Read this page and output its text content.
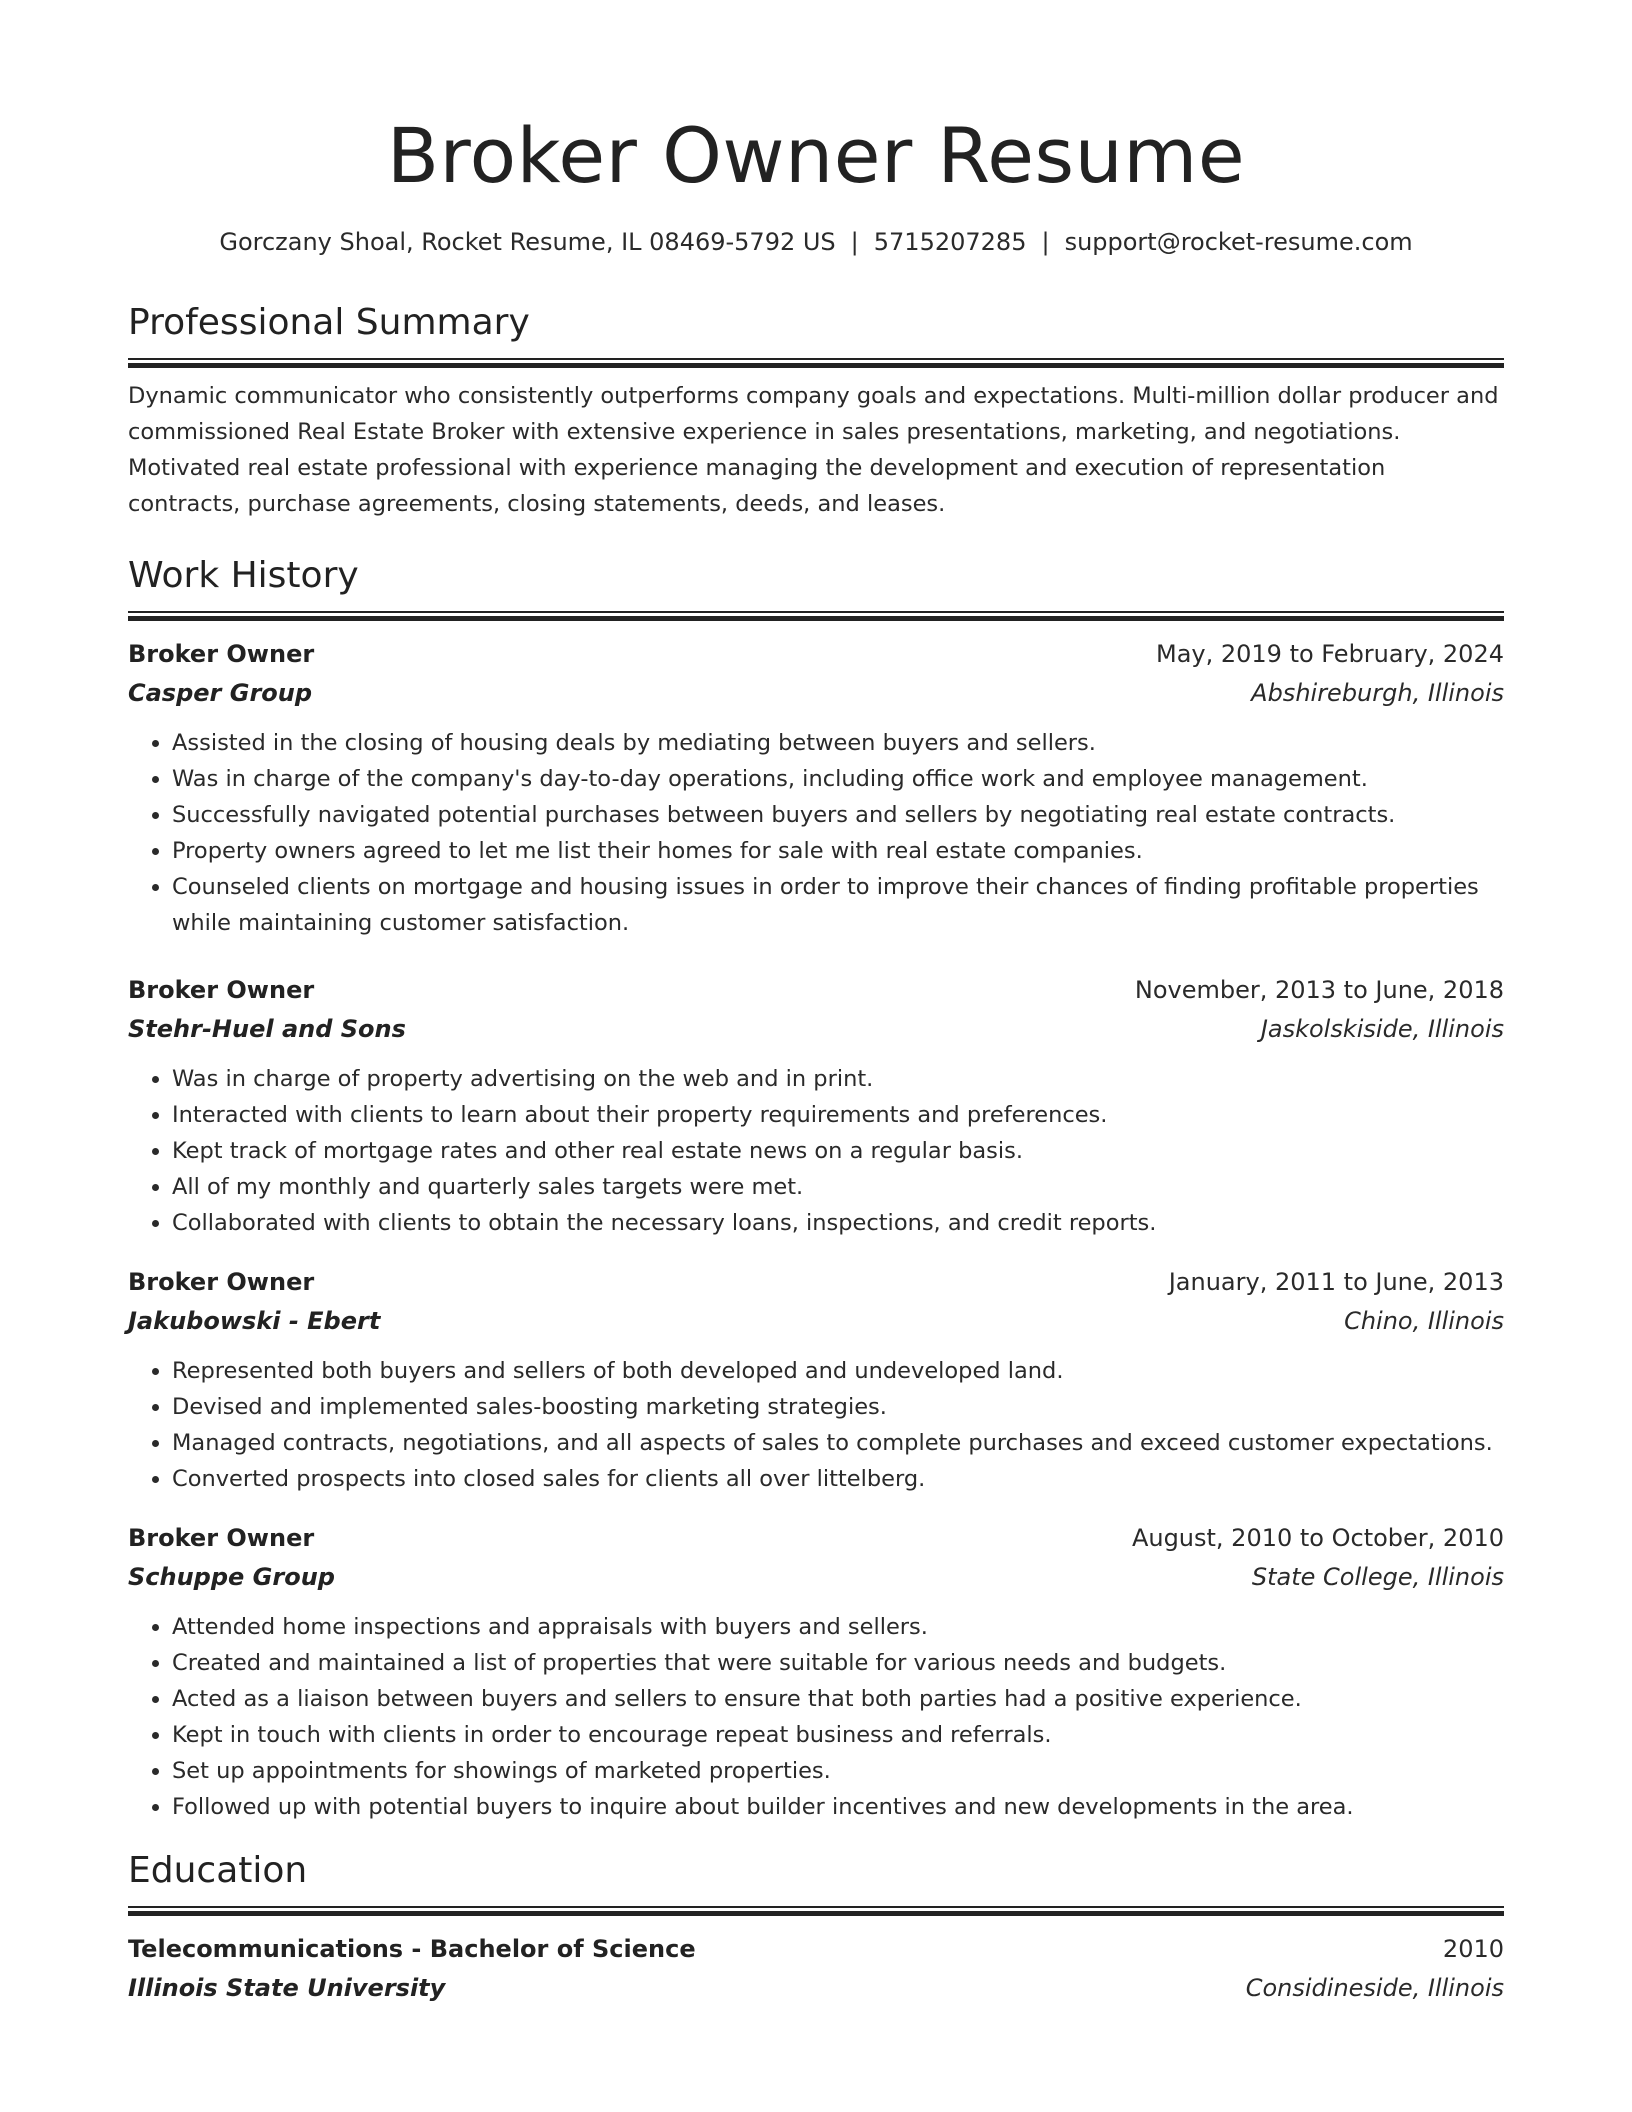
Broker Owner Resume
Gorczany Shoal, Rocket Resume, IL 08469-5792 US | 5715207285 | support@rocket-resume.com
Professional Summary
Dynamic communicator who consistently outperforms company goals and expectations. Multi-million dollar producer and commissioned Real Estate Broker with extensive experience in sales presentations, marketing, and negotiations. Motivated real estate professional with experience managing the development and execution of representation contracts, purchase agreements, closing statements, deeds, and leases.
Work History
Broker Owner	May, 2019 to February, 2024
Casper Group	Abshireburgh, Illinois
• Assisted in the closing of housing deals by mediating between buyers and sellers.
• Was in charge of the company's day-to-day operations, including office work and employee management.
• Successfully navigated potential purchases between buyers and sellers by negotiating real estate contracts.
• Property owners agreed to let me list their homes for sale with real estate companies.
• Counseled clients on mortgage and housing issues in order to improve their chances of finding profitable properties while maintaining customer satisfaction.
Broker Owner	November, 2013 to June, 2018
Stehr-Huel and Sons	Jaskolskiside, Illinois
• Was in charge of property advertising on the web and in print.
• Interacted with clients to learn about their property requirements and preferences.
• Kept track of mortgage rates and other real estate news on a regular basis.
• All of my monthly and quarterly sales targets were met.
• Collaborated with clients to obtain the necessary loans, inspections, and credit reports.
Broker Owner	January, 2011 to June, 2013
Jakubowski - Ebert	Chino, Illinois
• Represented both buyers and sellers of both developed and undeveloped land.
• Devised and implemented sales-boosting marketing strategies.
• Managed contracts, negotiations, and all aspects of sales to complete purchases and exceed customer expectations.
• Converted prospects into closed sales for clients all over littelberg.
Broker Owner	August, 2010 to October, 2010
Schuppe Group	State College, Illinois
• Attended home inspections and appraisals with buyers and sellers.
• Created and maintained a list of properties that were suitable for various needs and budgets.
• Acted as a liaison between buyers and sellers to ensure that both parties had a positive experience.
• Kept in touch with clients in order to encourage repeat business and referrals.
• Set up appointments for showings of marketed properties.
• Followed up with potential buyers to inquire about builder incentives and new developments in the area.
Education
Telecommunications - Bachelor of Science	2010
Illinois State University	Considineside, Illinois
